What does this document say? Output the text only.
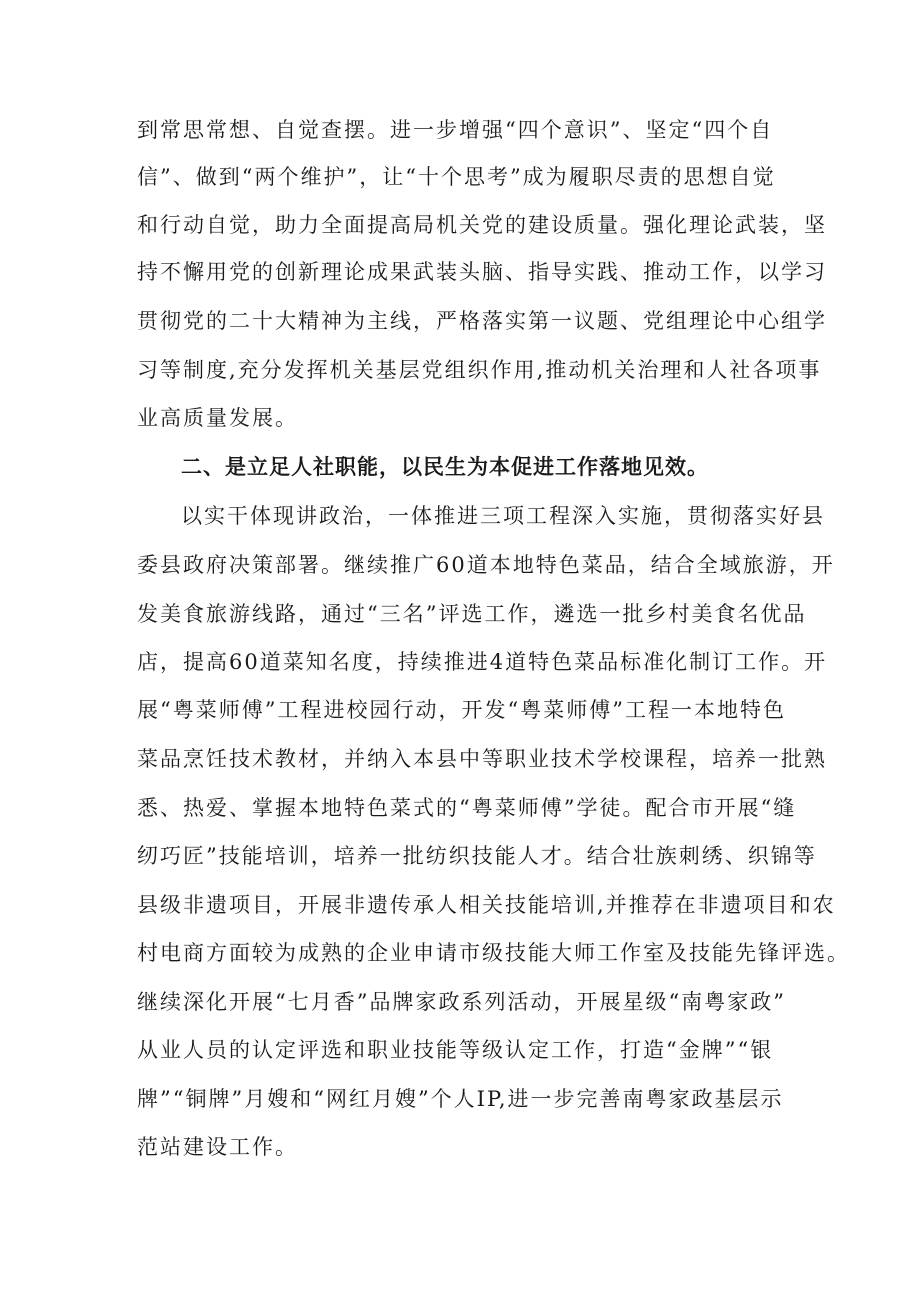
到常思常想、自觉查摆。进一步增强“四个意识”、坚定“四个自
信”、做到“两个维护”，让“十个思考”成为履职尽责的思想自觉
和行动自觉，助力全面提高局机关党的建设质量。强化理论武装，坚
持不懈用党的创新理论成果武装头脑、指导实践、推动工作，以学习
贯彻党的二十大精神为主线，严格落实第一议题、党组理论中心组学
习等制度,充分发挥机关基层党组织作用,推动机关治理和人社各项事
业高质量发展。
二、是立足人社职能，以民生为本促进工作落地见效。
以实干体现讲政治，一体推进三项工程深入实施，贯彻落实好县
委县政府决策部署。继续推广60道本地特色菜品，结合全域旅游，开
发美食旅游线路，通过“三名”评选工作，遴选一批乡村美食名优品
店，提高60道菜知名度，持续推进4道特色菜品标准化制订工作。开
展“粤菜师傅”工程进校园行动，开发“粤菜师傅”工程一本地特色
菜品烹饪技术教材，并纳入本县中等职业技术学校课程，培养一批熟
悉、热爱、掌握本地特色菜式的“粤菜师傅”学徒。配合市开展“缝
纫巧匠”技能培训，培养一批纺织技能人才。结合壮族刺绣、织锦等
县级非遗项目，开展非遗传承人相关技能培训,并推荐在非遗项目和农
村电商方面较为成熟的企业申请市级技能大师工作室及技能先锋评选。
继续深化开展“七月香”品牌家政系列活动，开展星级“南粤家政”
从业人员的认定评选和职业技能等级认定工作，打造“金牌”“银
牌”“铜牌”月嫂和“网红月嫂”个人IP,进一步完善南粤家政基层示
范站建设工作。
